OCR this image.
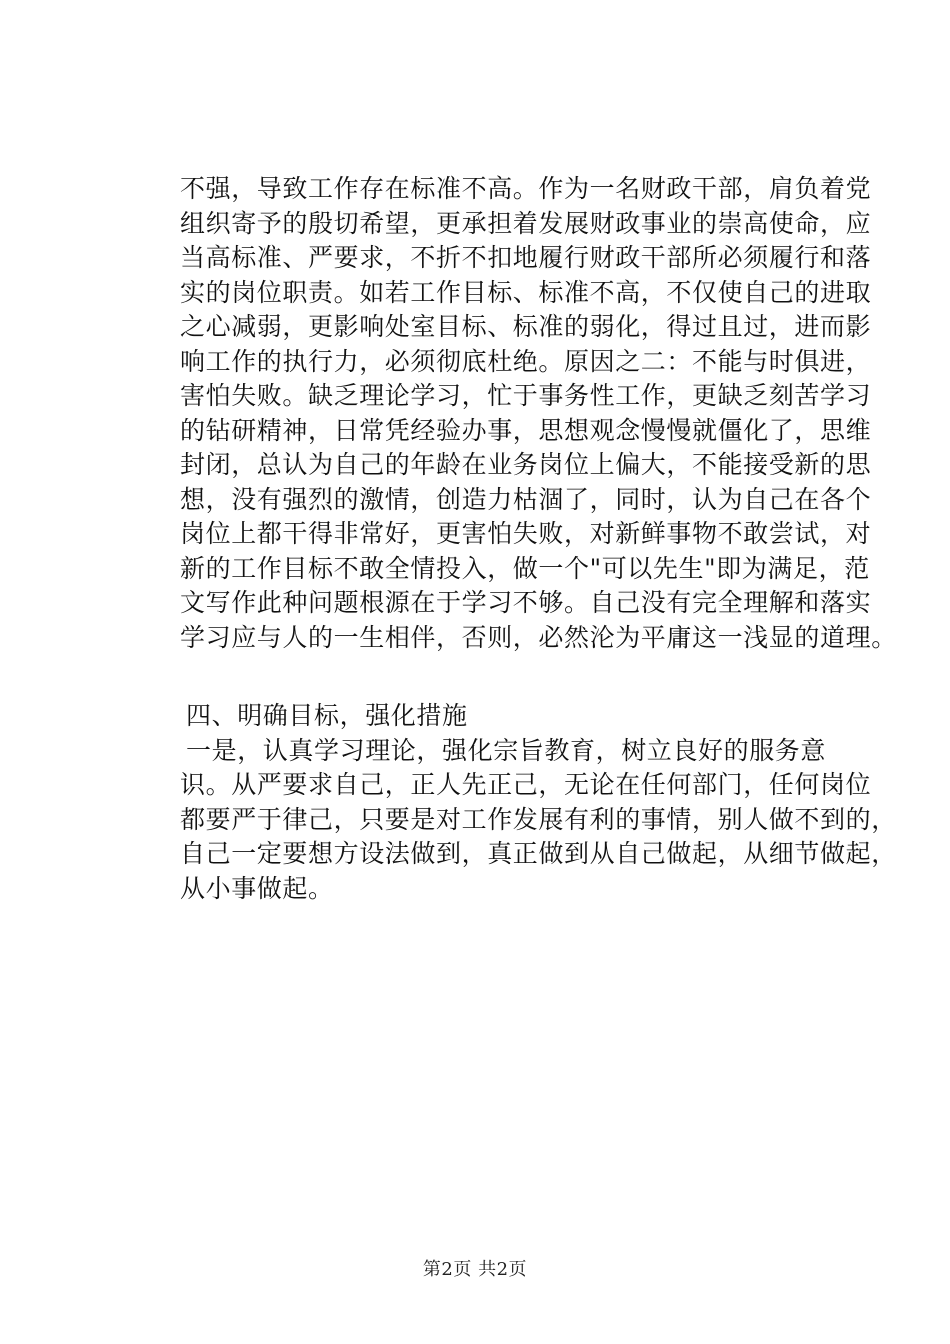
不强，导致工作存在标准不高。作为一名财政干部，肩负着党
组织寄予的殷切希望，更承担着发展财政事业的崇高使命，应
当高标准、严要求，不折不扣地履行财政干部所必须履行和落
实的岗位职责。如若工作目标、标准不高，不仅使自己的进取
之心减弱，更影响处室目标、标准的弱化，得过且过，进而影
响工作的执行力，必须彻底杜绝。原因之二：不能与时俱进，
害怕失败。缺乏理论学习，忙于事务性工作，更缺乏刻苦学习
的钻研精神，日常凭经验办事，思想观念慢慢就僵化了，思维
封闭，总认为自己的年龄在业务岗位上偏大，不能接受新的思
想，没有强烈的激情，创造力枯涸了，同时，认为自己在各个
岗位上都干得非常好，更害怕失败，对新鲜事物不敢尝试，对
新的工作目标不敢全情投入，做一个"可以先生"即为满足，范
文写作此种问题根源在于学习不够。自己没有完全理解和落实
学习应与人的一生相伴，否则，必然沦为平庸这一浅显的道理。
四、明确目标，强化措施
一是，认真学习理论，强化宗旨教育，树立良好的服务意
识。从严要求自己，正人先正己，无论在任何部门，任何岗位
都要严于律己，只要是对工作发展有利的事情，别人做不到的，
自己一定要想方设法做到，真正做到从自己做起，从细节做起，
从小事做起。
第2页 共2页
